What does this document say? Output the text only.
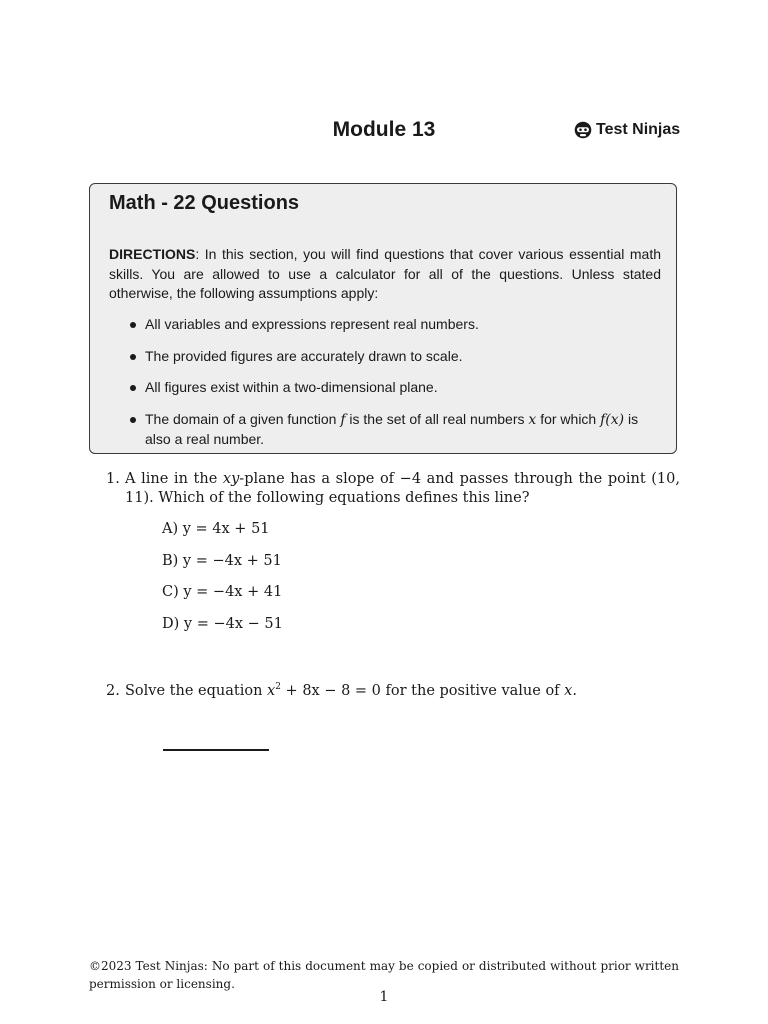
Module 13	Test Ninjas
Math - 22 Questions
DIRECTIONS: In this section, you will find questions that cover various essential math skills. You are allowed to use a calculator for all of the questions. Unless stated otherwise, the following assumptions apply:
All variables and expressions represent real numbers.
The provided figures are accurately drawn to scale.
All figures exist within a two-dimensional plane.
The domain of a given function f is the set of all real numbers x for which f(x) is also a real number.
1. A line in the xy-plane has a slope of −4 and passes through the point (10, 11). Which of the following equations defines this line?
A) y = 4x + 51
B) y = −4x + 51
C) y = −4x + 41
D) y = −4x − 51
2. Solve the equation $x^2 + 8x - 8 = 0$ for the positive value of x.
©2023 Test Ninjas: No part of this document may be copied or distributed without prior written permission or licensing.
1
